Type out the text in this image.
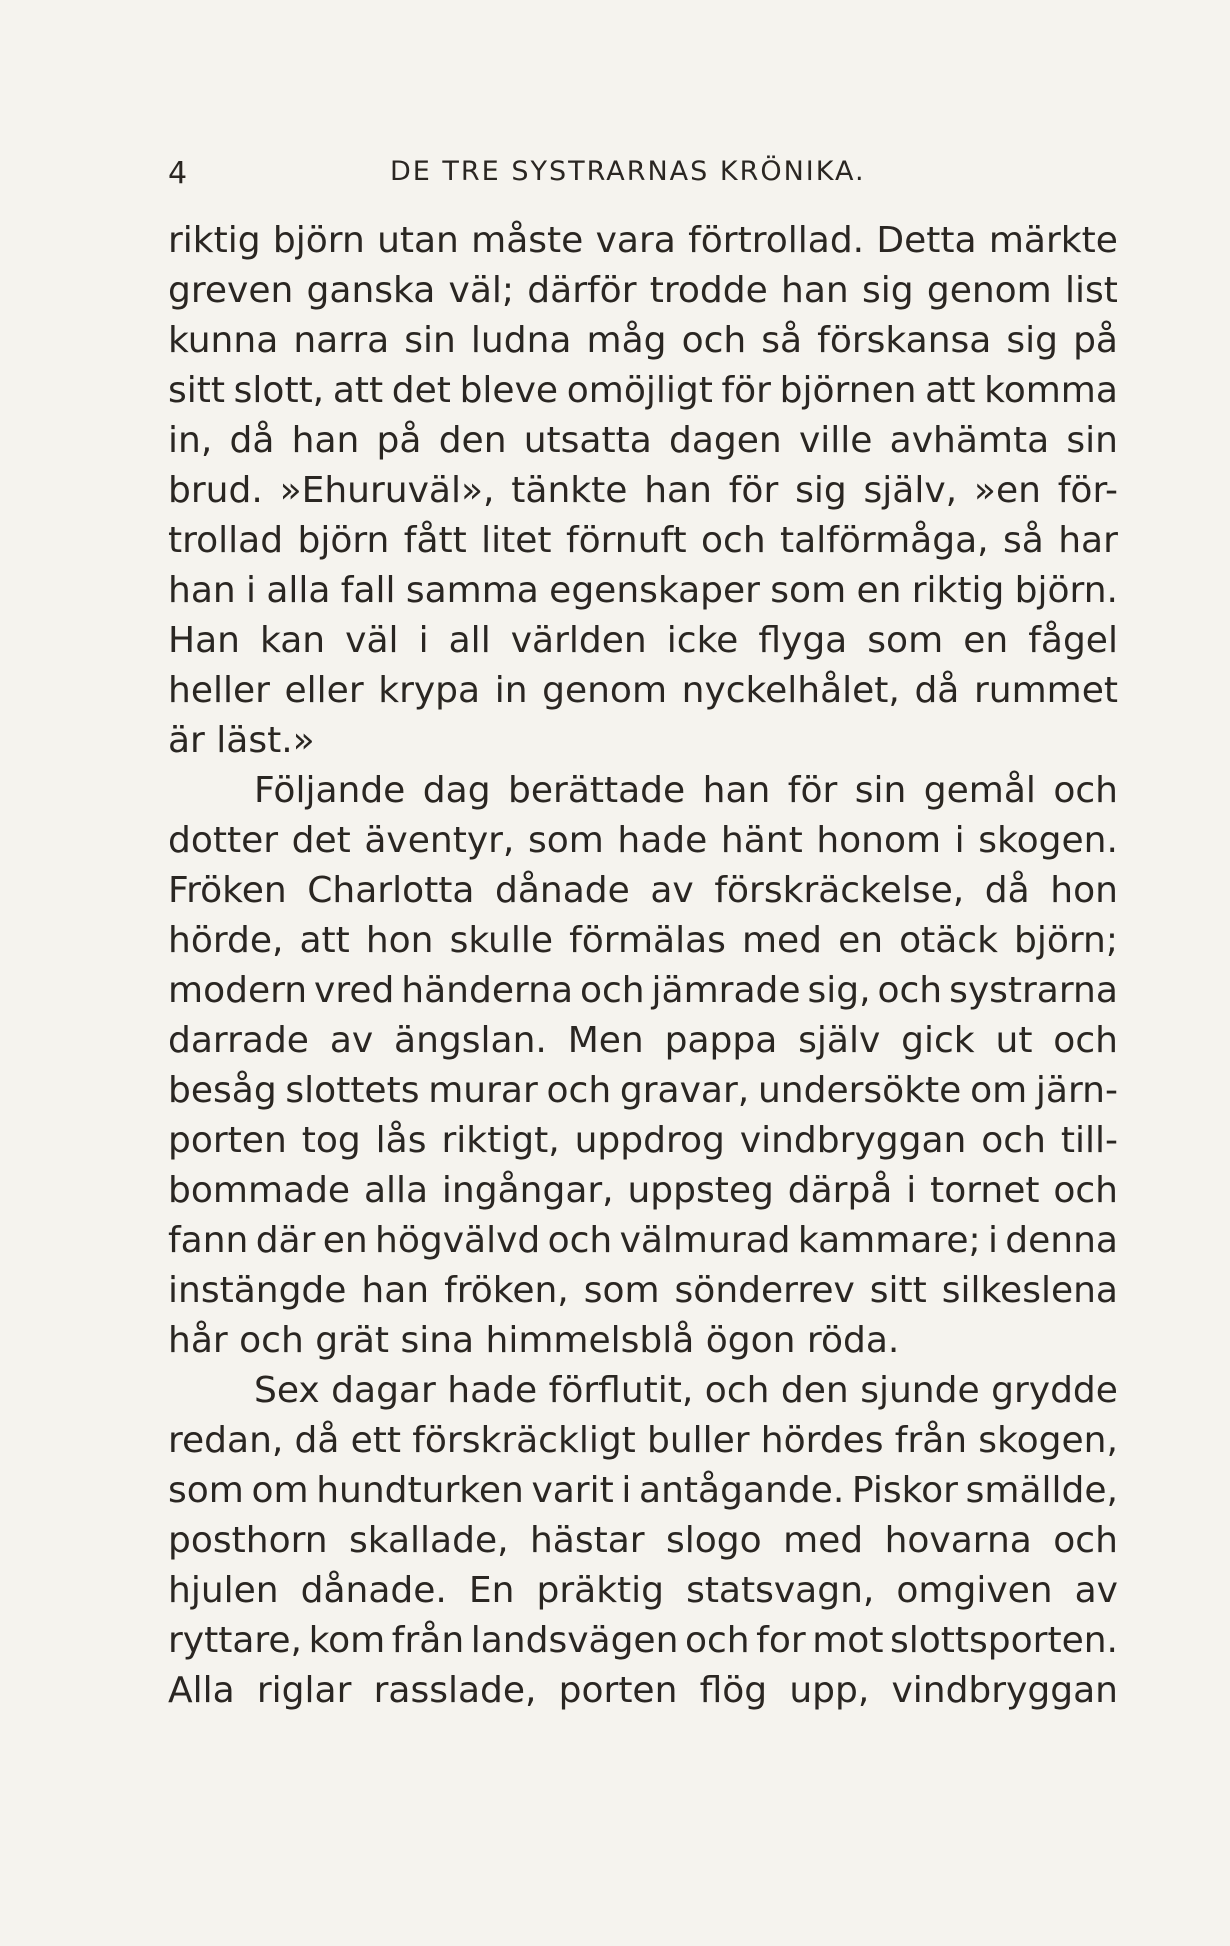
4	DE TRE SYSTRARNAS KRÖNIKA.
riktig björn utan måste vara förtrollad. Detta märkte
greven ganska väl; därför trodde han sig genom list
kunna narra sin ludna måg och så förskansa sig på
sitt slott, att det bleve omöjligt för björnen att komma
in, då han på den utsatta dagen ville avhämta sin
brud. »Ehuruväl», tänkte han för sig själv, »en för-
trollad björn fått litet förnuft och talförmåga, så har
han i alla fall samma egenskaper som en riktig björn.
Han kan väl i all världen icke flyga som en fågel
heller eller krypa in genom nyckelhålet, då rummet
är läst.»
Följande dag berättade han för sin gemål och
dotter det äventyr, som hade hänt honom i skogen.
Fröken Charlotta dånade av förskräckelse, då hon
hörde, att hon skulle förmälas med en otäck björn;
modern vred händerna och jämrade sig, och systrarna
darrade av ängslan. Men pappa själv gick ut och
besåg slottets murar och gravar, undersökte om järn-
porten tog lås riktigt, uppdrog vindbryggan och till-
bommade alla ingångar, uppsteg därpå i tornet och
fann där en högvälvd och välmurad kammare; i denna
instängde han fröken, som sönderrev sitt silkeslena
hår och grät sina himmelsblå ögon röda.
Sex dagar hade förflutit, och den sjunde grydde
redan, då ett förskräckligt buller hördes från skogen,
som om hundturken varit i antågande. Piskor smällde,
posthorn skallade, hästar slogo med hovarna och
hjulen dånade. En präktig statsvagn, omgiven av
ryttare, kom från landsvägen och for mot slottsporten.
Alla riglar rasslade, porten flög upp, vindbryggan
